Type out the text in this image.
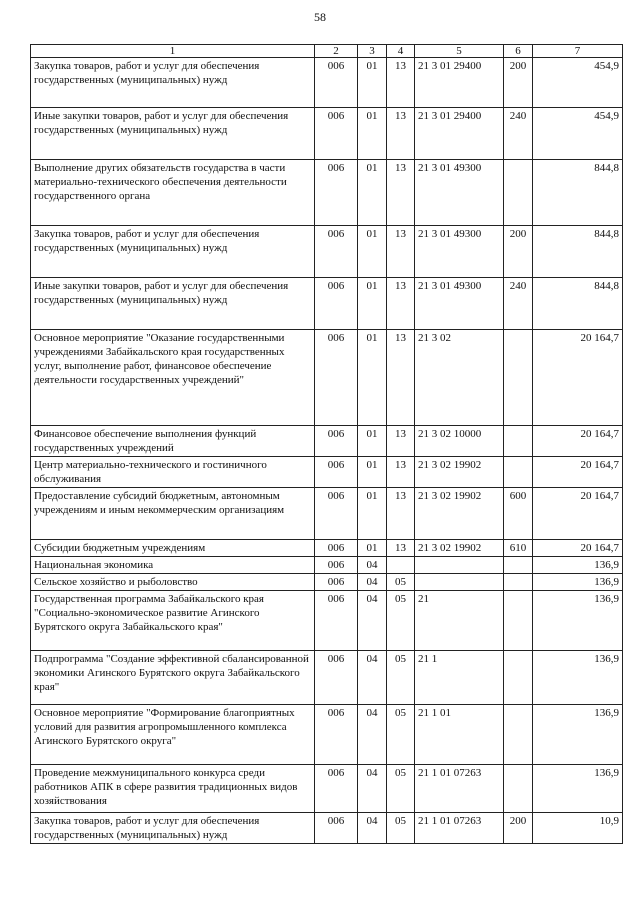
58
1	2	3	4	5	6	7
Закупка товаров, работ и услуг для обеспечения государственных (муниципальных) нужд	006	01	13	21 3 01 29400	200	454,9
Иные закупки товаров, работ и услуг для обеспечения государственных (муниципальных) нужд	006	01	13	21 3 01 29400	240	454,9
Выполнение других обязательств государства в части материально-технического обеспечения деятельности государственного органа	006	01	13	21 3 01 49300		844,8
Закупка товаров, работ и услуг для обеспечения государственных (муниципальных) нужд	006	01	13	21 3 01 49300	200	844,8
Иные закупки товаров, работ и услуг для обеспечения государственных (муниципальных) нужд	006	01	13	21 3 01 49300	240	844,8
Основное мероприятие "Оказание государственными учреждениями Забайкальского края государственных услуг, выполнение работ, финансовое обеспечение деятельности государственных учреждений"	006	01	13	21 3 02		20 164,7
Финансовое обеспечение выполнения функций государственных учреждений	006	01	13	21 3 02 10000		20 164,7
Центр материально-технического и гостиничного обслуживания	006	01	13	21 3 02 19902		20 164,7
Предоставление субсидий бюджетным, автономным учреждениям и иным некоммерческим организациям	006	01	13	21 3 02 19902	600	20 164,7
Субсидии бюджетным учреждениям	006	01	13	21 3 02 19902	610	20 164,7
Национальная экономика	006	04				136,9
Сельское хозяйство и рыболовство	006	04	05			136,9
Государственная программа Забайкальского края "Социально-экономическое развитие Агинского Бурятского округа Забайкальского края"	006	04	05	21		136,9
Подпрограмма "Создание эффективной сбалансированной экономики Агинского Бурятского округа Забайкальского края"	006	04	05	21 1		136,9
Основное мероприятие "Формирование благоприятных условий для развития агропромышленного комплекса Агинского Бурятского округа"	006	04	05	21 1 01		136,9
Проведение межмуниципального конкурса среди работников АПК в сфере развития традиционных видов хозяйствования	006	04	05	21 1 01 07263		136,9
Закупка товаров, работ и услуг для обеспечения государственных (муниципальных) нужд	006	04	05	21 1 01 07263	200	10,9
